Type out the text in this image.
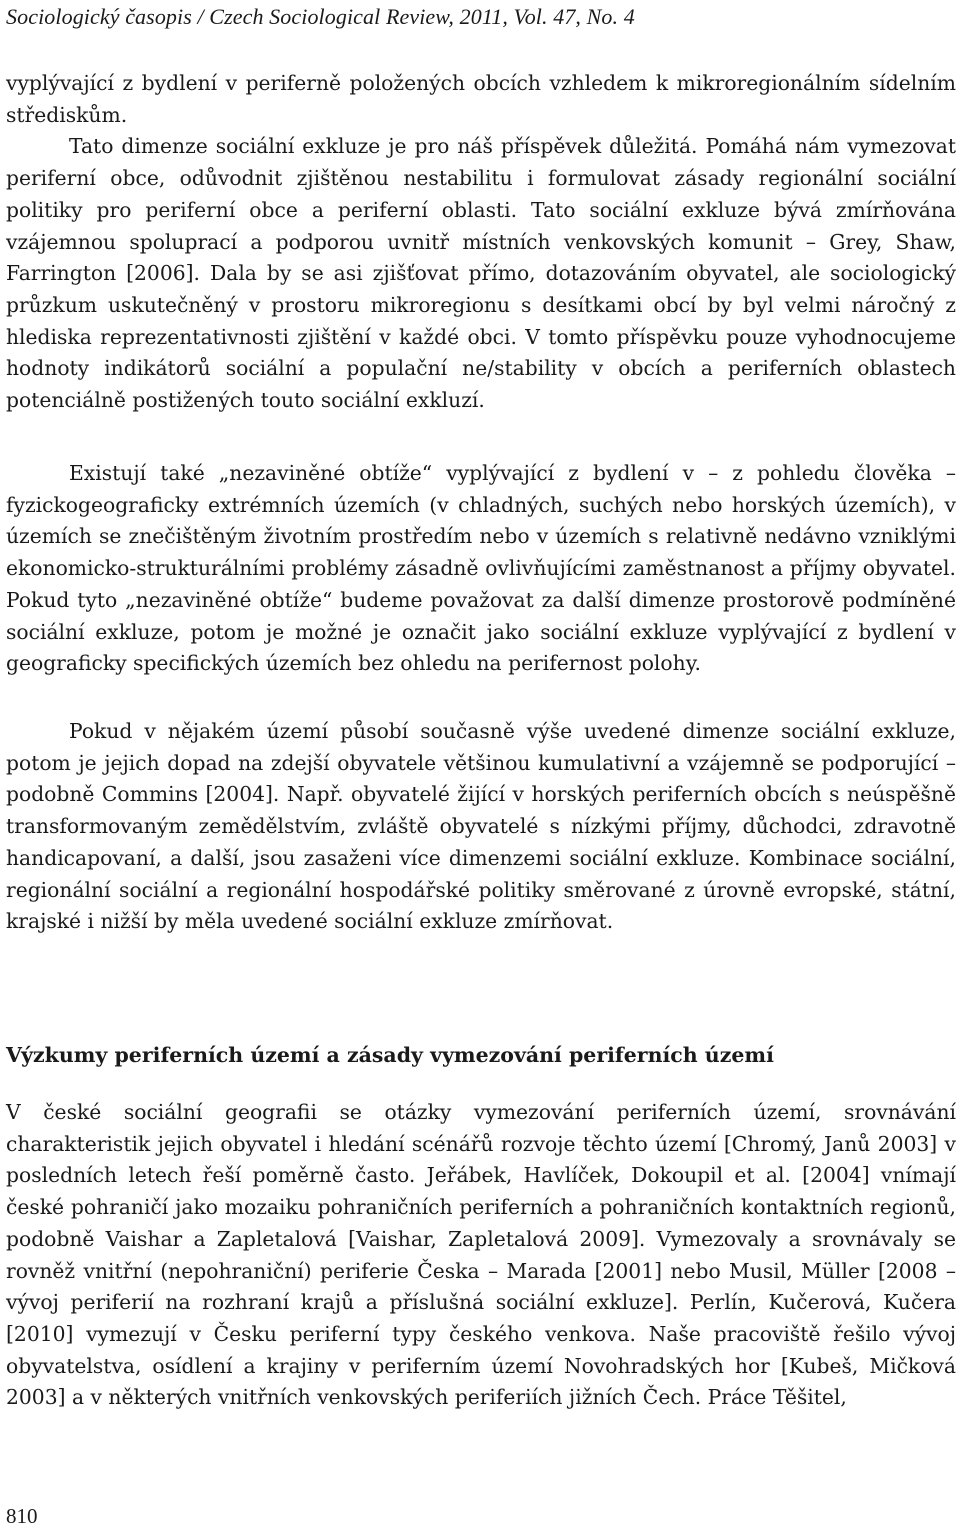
Sociologický časopis / Czech Sociological Review, 2011, Vol. 47, No. 4

vyplývající z bydlení v periferně položených obcích vzhledem k mikroregionálním sídelním střediskům.

Tato dimenze sociální exkluze je pro náš příspěvek důležitá. Pomáhá nám vymezovat periferní obce, odůvodnit zjištěnou nestabilitu i formulovat zásady regionální sociální politiky pro periferní obce a periferní oblasti. Tato sociální exkluze bývá zmírňována vzájemnou spoluprací a podporou uvnitř místních venkovských komunit – Grey, Shaw, Farrington [2006]. Dala by se asi zjišťovat přímo, dotazováním obyvatel, ale sociologický průzkum uskutečněný v prostoru mikroregionu s desítkami obcí by byl velmi náročný z hlediska reprezentativnosti zjištění v každé obci. V tomto příspěvku pouze vyhodnocujeme hodnoty indikátorů sociální a populační ne/stability v obcích a periferních oblastech potenciálně postižených touto sociální exkluzí.

Existují také „nezaviněné obtíže“ vyplývající z bydlení v – z pohledu člověka – fyzickogeograficky extrémních územích (v chladných, suchých nebo horských územích), v územích se znečištěným životním prostředím nebo v územích s relativně nedávno vzniklými ekonomicko-strukturálními problémy zásadně ovlivňujícími zaměstnanost a příjmy obyvatel. Pokud tyto „nezaviněné obtíže“ budeme považovat za další dimenze prostorově podmíněné sociální exkluze, potom je možné je označit jako sociální exkluze vyplývající z bydlení v geograficky specifických územích bez ohledu na perifernost polohy.

Pokud v nějakém území působí současně výše uvedené dimenze sociální exkluze, potom je jejich dopad na zdejší obyvatele většinou kumulativní a vzájemně se podporující – podobně Commins [2004]. Např. obyvatelé žijící v horských periferních obcích s neúspěšně transformovaným zemědělstvím, zvláště obyvatelé s nízkými příjmy, důchodci, zdravotně handicapovaní, a další, jsou zasaženi více dimenzemi sociální exkluze. Kombinace sociální, regionální sociální a regionální hospodářské politiky směrované z úrovně evropské, státní, krajské i nižší by měla uvedené sociální exkluze zmírňovat.

Výzkumy periferních území a zásady vymezování periferních území

V české sociální geografii se otázky vymezování periferních území, srovnávání charakteristik jejich obyvatel i hledání scénářů rozvoje těchto území [Chromý, Janů 2003] v posledních letech řeší poměrně často. Jeřábek, Havlíček, Dokoupil et al. [2004] vnímají české pohraničí jako mozaiku pohraničních periferních a pohraničních kontaktních regionů, podobně Vaishar a Zapletalová [Vaishar, Zapletalová 2009]. Vymezovaly a srovnávaly se rovněž vnitřní (nepohraniční) periferie Česka – Marada [2001] nebo Musil, Müller [2008 – vývoj periferií na rozhraní krajů a příslušná sociální exkluze]. Perlín, Kučerová, Kučera [2010] vymezují v Česku periferní typy českého venkova. Naše pracoviště řešilo vývoj obyvatelstva, osídlení a krajiny v periferním území Novohradských hor [Kubeš, Mičková 2003] a v některých vnitřních venkovských periferiích jižních Čech. Práce Těšitel,

810
